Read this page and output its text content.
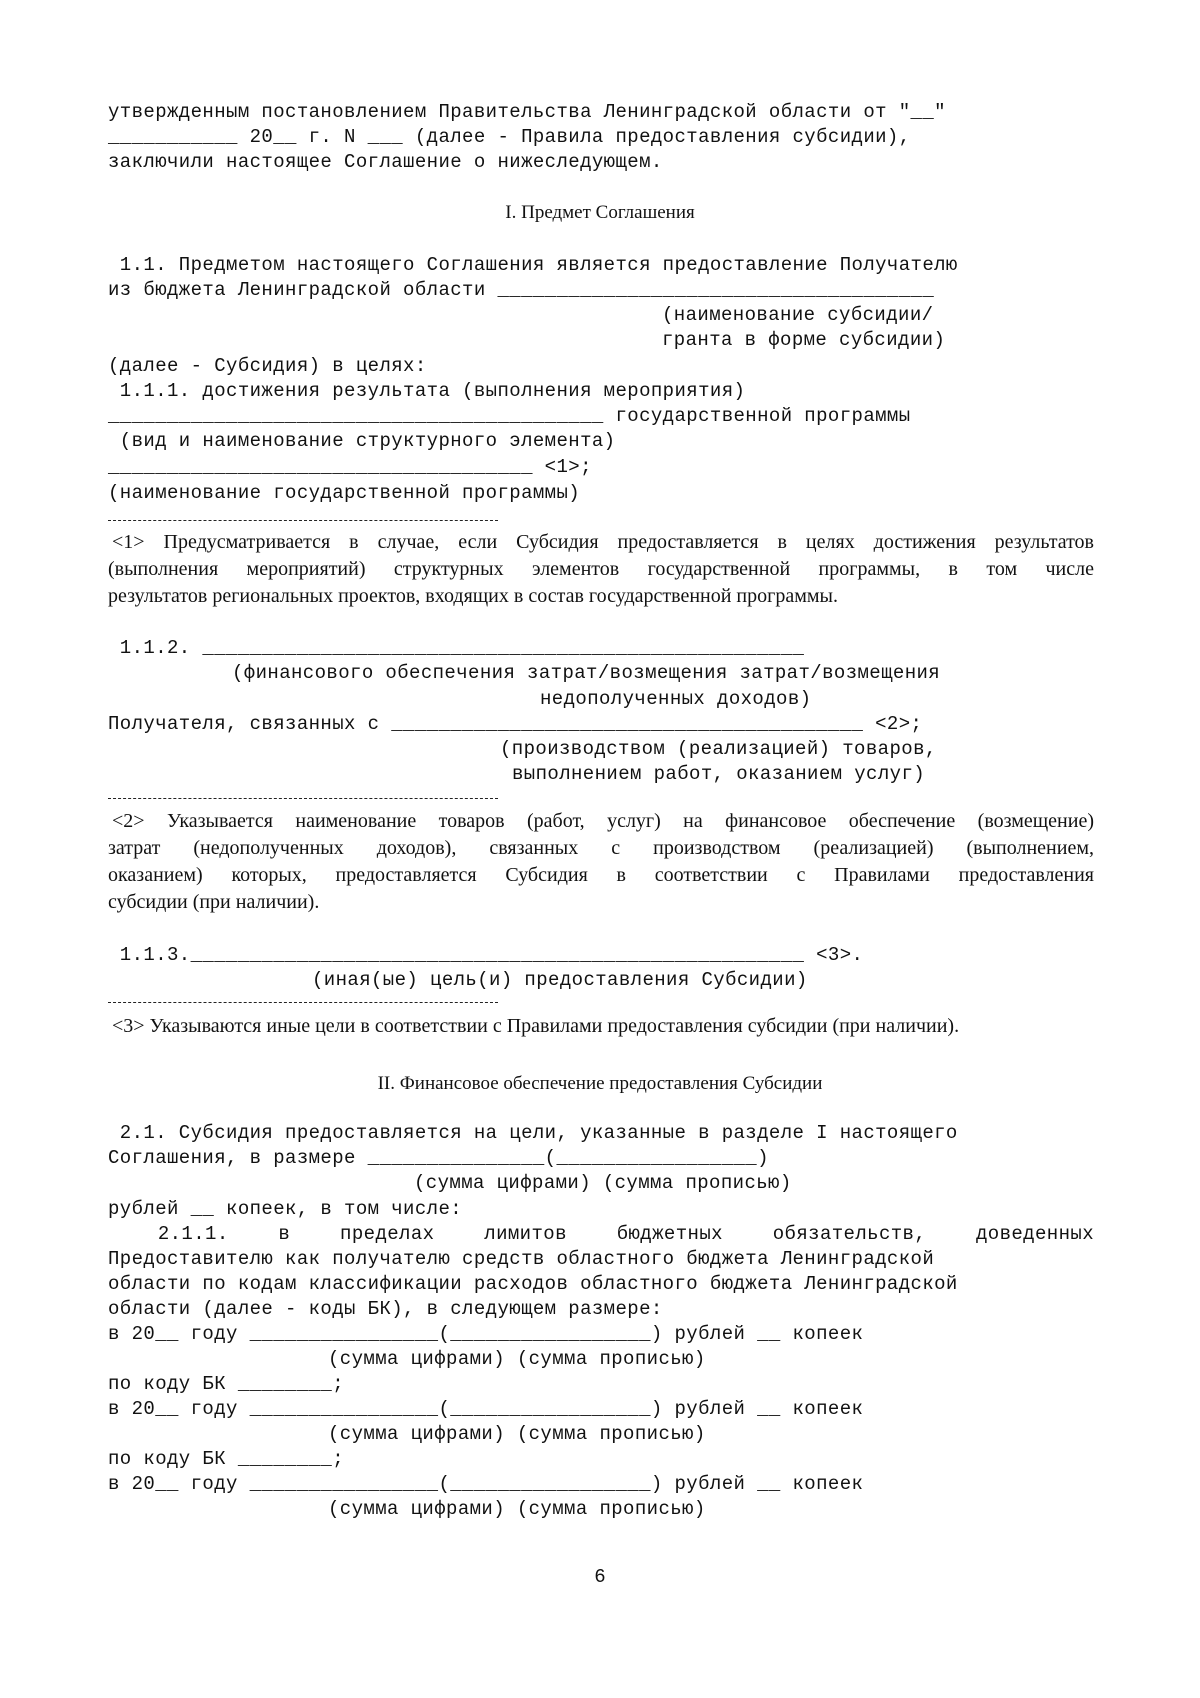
утвержденным постановлением Правительства Ленинградской области от "__"
___________ 20__ г. N ___ (далее - Правила предоставления субсидии),
заключили настоящее Соглашение о нижеследующем.
I. Предмет Соглашения
1.1. Предметом настоящего Соглашения является предоставление Получателю
из бюджета Ленинградской области _____________________________________
(наименование субсидии/
гранта в форме субсидии)
(далее - Субсидия) в целях:
1.1.1. достижения результата (выполнения мероприятия)
__________________________________________ государственной программы
(вид и наименование структурного элемента)
____________________________________ <1>;
(наименование государственной программы)
<1> Предусматривается в случае, если Субсидия предоставляется в целях достижения результатов
(выполнения мероприятий) структурных элементов государственной программы, в том числе
результатов региональных проектов, входящих в состав государственной программы.
1.1.2. ___________________________________________________
(финансового обеспечения затрат/возмещения затрат/возмещения
недополученных доходов)
Получателя, связанных с ________________________________________ <2>;
(производством (реализацией) товаров,
выполнением работ, оказанием услуг)
<2> Указывается наименование товаров (работ, услуг) на финансовое обеспечение (возмещение)
затрат (недополученных доходов), связанных с производством (реализацией) (выполнением,
оказанием) которых, предоставляется Субсидия в соответствии с Правилами предоставления
субсидии (при наличии).
1.1.3.____________________________________________________ <3>.
(иная(ые) цель(и) предоставления Субсидии)
<3> Указываются иные цели в соответствии с Правилами предоставления субсидии (при наличии).
II. Финансовое обеспечение предоставления Субсидии
2.1. Субсидия предоставляется на цели, указанные в разделе I настоящего
Соглашения, в размере _______________(_________________)
(сумма цифрами) (сумма прописью)
рублей __ копеек, в том числе:
2.1.1. в пределах лимитов бюджетных обязательств, доведенных
Предоставителю как получателю средств областного бюджета Ленинградской
области по кодам классификации расходов областного бюджета Ленинградской
области (далее - коды БК), в следующем размере:
в 20__ году ________________(_________________) рублей __ копеек
(сумма цифрами) (сумма прописью)
по коду БК ________;
в 20__ году ________________(_________________) рублей __ копеек
(сумма цифрами) (сумма прописью)
по коду БК ________;
в 20__ году ________________(_________________) рублей __ копеек
(сумма цифрами) (сумма прописью)
6
